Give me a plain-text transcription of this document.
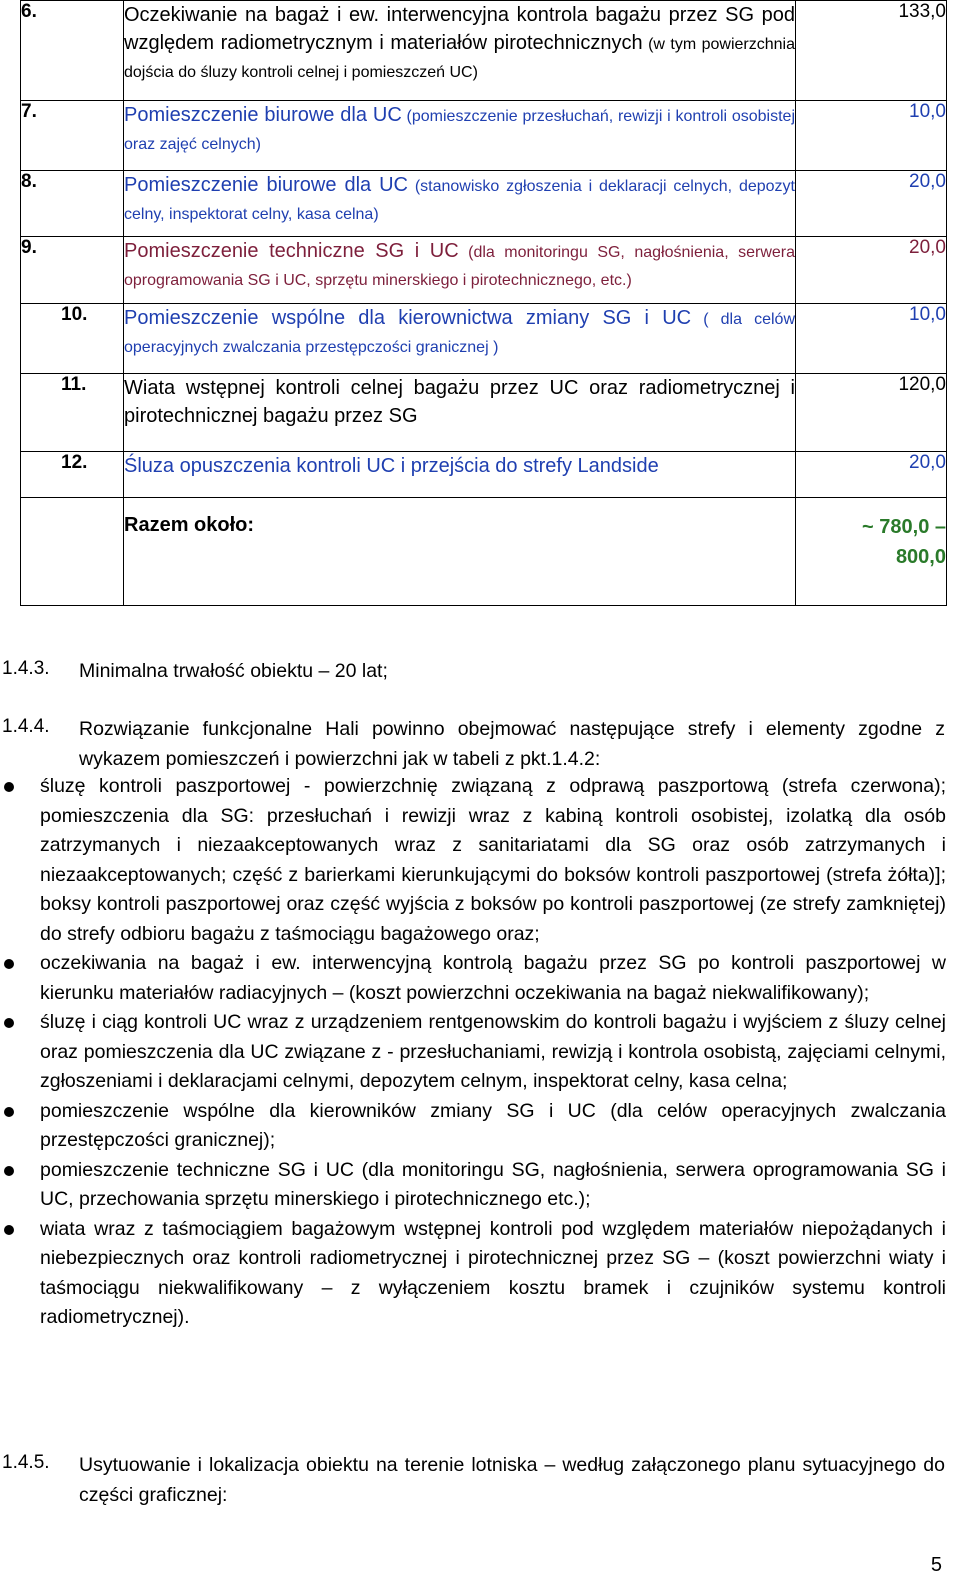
6.	Oczekiwanie na bagaż i ew. interwencyjna kontrola bagażu przez SG pod względem radiometrycznym i materiałów pirotechnicznych (w tym powierzchnia dojścia do śluzy kontroli celnej i pomieszczeń UC)	133,0
7.	Pomieszczenie biurowe dla UC (pomieszczenie przesłuchań, rewizji i kontroli osobistej oraz zajęć celnych)	10,0
8.	Pomieszczenie biurowe dla UC (stanowisko zgłoszenia i deklaracji celnych, depozyt celny, inspektorat celny, kasa celna)	20,0
9.	Pomieszczenie techniczne SG i UC (dla monitoringu SG, nagłośnienia, serwera oprogramowania SG i UC, sprzętu minerskiego i pirotechnicznego, etc.)	20,0
10.	Pomieszczenie wspólne dla kierownictwa zmiany SG i UC ( dla celów operacyjnych zwalczania przestępczości granicznej )	10,0
11.	Wiata wstępnej kontroli celnej bagażu przez UC oraz radiometrycznej i pirotechnicznej bagażu przez SG	120,0
12.	Śluza opuszczenia kontroli UC i przejścia do strefy Landside	20,0

	Razem około:	~ 780,0 –
800,0
1.4.3. Minimalna trwałość obiektu – 20 lat;
1.4.4. Rozwiązanie funkcjonalne Hali powinno obejmować następujące strefy i elementy zgodne z wykazem pomieszczeń i powierzchni jak w tabeli z pkt.1.4.2:
śluzę kontroli paszportowej - powierzchnię związaną z odprawą paszportową (strefa czerwona); pomieszczenia dla SG: przesłuchań i rewizji wraz z kabiną kontroli osobistej, izolatką dla osób zatrzymanych i niezaakceptowanych wraz z sanitariatami dla SG oraz osób zatrzymanych i niezaakceptowanych; część z barierkami kierunkującymi do boksów kontroli paszportowej (strefa żółta)]; boksy kontroli paszportowej oraz część wyjścia z boksów po kontroli paszportowej (ze strefy zamkniętej) do strefy odbioru bagażu z taśmociągu bagażowego oraz;
oczekiwania na bagaż i ew. interwencyjną kontrolą bagażu przez SG po kontroli paszportowej w kierunku materiałów radiacyjnych – (koszt powierzchni oczekiwania na bagaż niekwalifikowany);
śluzę i ciąg kontroli UC wraz z urządzeniem rentgenowskim do kontroli bagażu i wyjściem z śluzy celnej oraz pomieszczenia dla UC związane z - przesłuchaniami, rewizją i kontrola osobistą, zajęciami celnymi, zgłoszeniami i deklaracjami celnymi, depozytem celnym, inspektorat celny, kasa celna;
pomieszczenie wspólne dla kierowników zmiany SG i UC (dla celów operacyjnych zwalczania przestępczości granicznej);
pomieszczenie techniczne SG i UC (dla monitoringu SG, nagłośnienia, serwera oprogramowania SG i UC, przechowania sprzętu minerskiego i pirotechnicznego etc.);
wiata wraz z taśmociągiem bagażowym wstępnej kontroli pod względem materiałów niepożądanych i niebezpiecznych oraz kontroli radiometrycznej i pirotechnicznej przez SG – (koszt powierzchni wiaty i taśmociągu niekwalifikowany – z wyłączeniem kosztu bramek i czujników systemu kontroli radiometrycznej).
1.4.5. Usytuowanie i lokalizacja obiektu na terenie lotniska – według załączonego planu sytuacyjnego do części graficznej:
5
